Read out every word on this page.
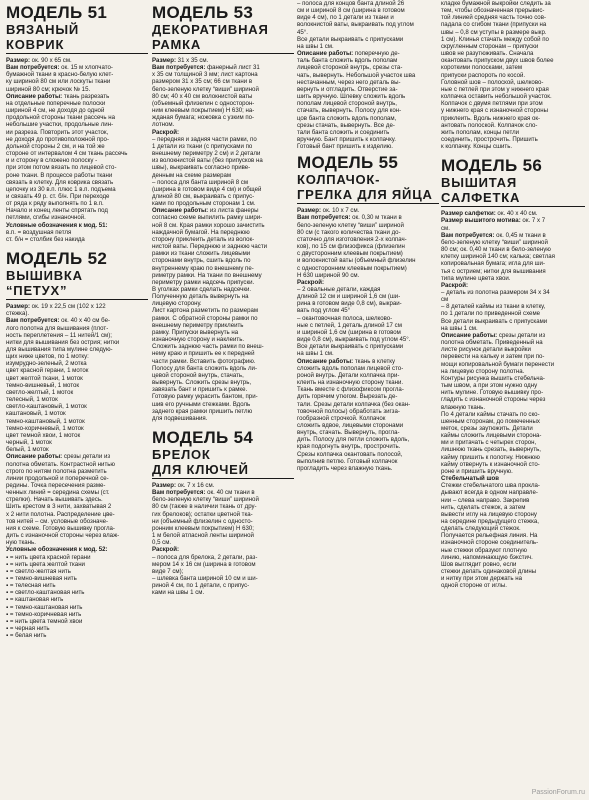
МОДЕЛЬ 51
ВЯЗАНЫЙ
КОВРИК
Размер: ок. 90 х 65 см.
Вам потребуется: ок. 15 м хлопчато-
бумажной ткани в красно-белую клет-
ку шириной 80 см или лоскуты ткани
шириной 80 см; крючок № 15.
Описание работы: ткань разрезать
на отдельные поперечные полоски
шириной 4 см, не доходя до одной
продольной стороны ткани рассечь на
небольшие участки, продольные лин-
ии разреза. Повторить этот участок,
не доходя до противоположной про-
дольной стороны 2 см, и на той же
стороне от интервалом 4 см ткань рассечь
и и сторону в сложено полоску -
при этом потом вязать по лицевой сто-
роне ткани. В процессе работы ткани
связать в клетку. Для коврика связать
цепочку из 30 в.п. плюс 1 в.п. подъема
и связать 49 р. ст. б/н. При переходе
от ряда к ряду выполнять по 1 в.п.
Начало и конец ленты спрятать под
петлями, сгибы изнаночной.
Условные обозначения к мод. 51:
в.п. = воздушная петля
ст. б/н = столбик без накида
МОДЕЛЬ 52
ВЫШИВКА
“ПЕТУХ”
Размер: ок. 19 х 22,5 см (102 х 122
стежка).
Вам потребуется: ок. 40 х 40 см бе-
лого полотна для вышивания (плот-
ность переплетения – 11 нитей/1 см);
нитки для вышивания без острия; нитки
для вышивания типа мулине следую-
щих ниже цветов, по 1 мотку:
изумрудно-зеленый, 2 мотка
цвет красной герани, 1 моток
цвет желтой ткани, 1 моток
темно-вишневый, 1 моток
светло-желтый, 1 моток
телесный, 1 моток
светло-каштановый, 1 моток
каштановый, 1 моток
темно-каштановый, 1 моток
темно-коричневый, 1 моток
цвет темной хвои, 1 моток
черный, 1 моток
белый, 1 моток
Описание работы: срезы детали из
полотна обметать. Контрастной нитью
строго по нитям полотна разметить
линии продольной и поперечной се-
редины. Точка пересечения разме-
ченных линий = середина схемы (ст.
стрелки). Начать вышивать здесь.
Шить крестом в 3 нити, захватывая 2
х 2 нити полотна. Распределение цве-
тов нитей – см. условные обозначе-
ния к схеме. Готовую вышивку прогла-
дить с изнаночной стороны через влаж-
ную ткань.
Условные обозначения к мод. 52:
▪ = нить цвета красной герани
▪ = нить цвета желтой ткани
▪ = светло-желтая нить
▪ = темно-вишневая нить
▪ = телесная нить
▪ = светло-каштановая нить
▪ = каштановая нить
▪ = темно-каштановая нить
▪ = темно-коричневая нить
▪ = нить цвета темной хвои
▪ = черная нить
▪ = белая нить
МОДЕЛЬ 53
ДЕКОРАТИВНАЯ
РАМКА
Размер: 31 х 35 см.
Вам потребуется: фанерный лист 31
х 35 см толщиной 3 мм; лист картона
размером 31 х 35 см; 66 см ткани в
бело-зеленую клетку “виши” шириной
80 см; 40 х 40 см волокнистой ваты
(объемный флизелин с односторон-
ним клеевым покрытием) Н 630; на-
жданая бумага; ножовка с узким по-
лотном.
Раскрой:
– передняя и задняя части рамки, по
1 детали из ткани (с припусками по
внешнему периметру 2 см) и 2 детали
из волокнистой ваты (без припусков на
швы), выкраивать согласно приве-
денным на схеме размерам
– полоса для банта шириной 8 см
(ширина в готовом виде 4 см) и общей
длиной 80 см, выкраивать с припус-
ками по продольным сторонам 1 см.
Описание работы: из листа фанеры
согласно схеме выпилить рамку шири-
ной 8 см. Края рамки хорошо зачистить
наждачной бумагой. На переднюю
сторону приклеить деталь из волок-
нистой ваты. Переднюю и заднюю части
рамки из ткани сложить лицевыми
сторонами внутрь, сшить вдоль по
внутреннему краю по внешнему пе-
риметру рамки. На ткани по внешнему
периметру рамки надсечь припуски.
В уголках рамки сделать надсечки.
Полученную деталь вывернуть на
лицевую сторону.
Лист картона разметить по размерам
рамки. С обратной стороны рамки по
внешнему периметру приклеить
рамку. Припуски вывернуть на
изнаночную сторону и наклеить.
Сложить заднюю часть рамки по внеш-
нему краю и пришить ее к передней
части рамки. Вставить фотографию.
Полосу для банта сложить вдоль ли-
цевой стороной внутрь, стачать,
вывернуть. Сложить срезы внутрь,
завязать бант и пришить к рамке.
Готовую рамку украсить бантом, при-
шив его ручными стежками. Вдоль
заднего края рамки пришить петлю
для подвешивания.
МОДЕЛЬ 54
БРЕЛОК
ДЛЯ КЛЮЧЕЙ
Размер: ок. 7 х 16 см.
Вам потребуется: ок. 40 см ткани в
бело-зеленую клетку “виши” шириной
80 см (также в наличии ткань от дру-
гих брелоков); остатки цветной тка-
ни (объемный флизелин с односто-
ронним клеевым покрытием) Н 630;
1 м белой атласной ленты шириной
0,5 см.
Раскрой:
– полоса для брелока, 2 детали, раз-
мером 14 х 16 см (ширина в готовом
виде 7 см);
– шлевка банта шириной 10 см и ши-
риной 4 см, по 1 детали, с припус-
ками на швы 1 см.
– полоса для концов банта длиной 26
см и шириной 8 см (ширина в готовом
виде 4 см), по 1 детали из ткани и
волокнистой ваты, выкраивать под углом
45°.
Все детали выкраивать с припусками
на швы 1 см.
Описание работы: поперечную де-
таль банта сложить вдоль пополам
лицевой стороной внутрь, срезы ста-
чать, вывернуть. Небольшой участок шва
нестачанным, через него деталь вы-
вернуть и отгладить. Отверстие за-
шить вручную. Шлевку сложить вдоль
пополам лицевой стороной внутрь,
стачать, вывернуть. Полосу для кон-
цов банта сложить вдоль пополам,
срезы стачать, вывернуть. Все де-
тали банта сложить и соединить
вручную. Бант пришить к колпачку.
Готовый бант пришить к изделию.
МОДЕЛЬ 55
КОЛПАЧОК-
ГРЕЛКА ДЛЯ ЯЙЦА
Размер: ок. 10 х 7 см.
Вам потребуется: ок. 0,30 м ткани в
бело-зеленую клетку “виши” шириной
80 см (с такого количества ткани до-
статочно для изготовления 2-х колпач-
ков), по 15 см флизофикса (флизелин
с двусторонним клеевым покрытием)
и волокнистой ваты (объемный флизелин
с односторонним клеевым покрытием)
Н 630 шириной 90 см.
Раскрой:
– 2 овальные детали, каждая
длиной 12 см и шириной 1,6 см (ши-
рина в готовом виде 0,8 см), выкраи-
вать под углом 45°
– окантовочная полоса, шелково-
ные с петлей, 1 деталь длиной 17 см
и шириной 1,6 см (ширина в готовом
виде 0,8 см), выкраивать под углом 45°.
Все детали выкраивать с припусками
на швы 1 см.
Описание работы: ткань в клетку
сложить вдоль пополам лицевой сто-
роной внутрь. Детали колпачка при-
клеить на изнаночную сторону ткани.
Ткань вместе с флизофиксом прогла-
дить горячим утюгом. Вырезать де-
тали. Срезы детали колпачка (без окан-
товочной полосы) обработать зигза-
гообразной строчкой. Колпачок
сложить вдвое, лицевыми сторонами
внутрь, стачать. Вывернуть, прогла-
дить. Полосу для петли сложить вдоль,
края подогнуть внутрь, прострочить.
Срезы колпачка окантовать полосой,
выполнив петлю. Готовый колпачок
прогладить через влажную ткань.
кладке бумажной выкройки следить за
тем, чтобы обозначенная прерывис-
той линией средняя часть точно сов-
падала со сгибом ткани (припуски на
швы – 0,8 см уступы в размере выкр.
1 см). Клинья стачать между собой по
скругленным сторонам – припуски
швов не разутюживать. Сначала
окантовать припуском двух швов более
короткими полосками, затем
припуски распороть по косой.
Головной шов – полоской, шелково-
ные с петлей при этом у нижнего края
колпачка оставить небольшой участок.
Колпачок с двумя петлями при этом
у нижнего края с изнаночной стороны
приклеить. Вдоль нижнего края ок-
антовать полоской. Колпачок сло-
жить пополам, концы петли
соединить, прострочить. Пришить
к колпачку. Концы сшить.
МОДЕЛЬ 56
ВЫШИТАЯ
САЛФЕТКА
Размер салфетки: ок. 40 х 40 см.
Размер вышитого мотива: ок. 7 х 7
см.
Вам потребуется: ок. 0,45 м ткани в
бело-зеленую клетку “виши” шириной
80 см; ок. 0,40 м ткани в бело-зеленую
клетку шириной 140 см; калька; светлая
копировальная бумага; игла для ши-
тья с острием; нитки для вышивания
типа мулине цвета хвои.
Раскрой:
– деталь из полотна размером 34 х 34
см
– 8 деталей каймы из ткани в клетку,
по 1 детали по приведенной схеме
Все детали выкраивать с припусками
на швы 1 см.
Описание работы: срезы детали из
полотна обметать. Приведенный на
листе рисунок детали выкройки
перевести на кальку и затем при по-
мощи копировальной бумаги перенести
на лицевую сторону полотна.
Контуры рисунка вышить стебельча-
тым швом, а при этом нужно одну
нить мулине. Готовую вышивку про-
гладить с изнаночной стороны через
влажную ткань.
По 4 детали каймы стачать по ско-
шенным сторонам, до помеченных
меток, срезы заутюжить. Детали
каймы сложить лицевыми сторона-
ми и притачать с четырех сторон,
лишнюю ткань срезать, вывернуть,
кайму пришить к полотну. Нижнюю
кайму отвернуть к изнаночной сто-
роне и пришить вручную.
Стебельчатый шов
Стежки стебельчатого шва прокла-
дывают всегда в одном направле-
нии – слева направо. Закрепив
нить, сделать стежок, а затем
вывести иглу на лицевую сторону
на середине предыдущего стежка,
сделать следующий стежок.
Получается рельефная линия. На
изнаночной стороне соединитель-
ные стежки образуют плотную
линию, напоминающую бэкстич.
Шов выглядит ровно, если
стежки делать одинаковой длины
и нитку при этом держать на
одной стороне от иглы.
PassionForum.ru
